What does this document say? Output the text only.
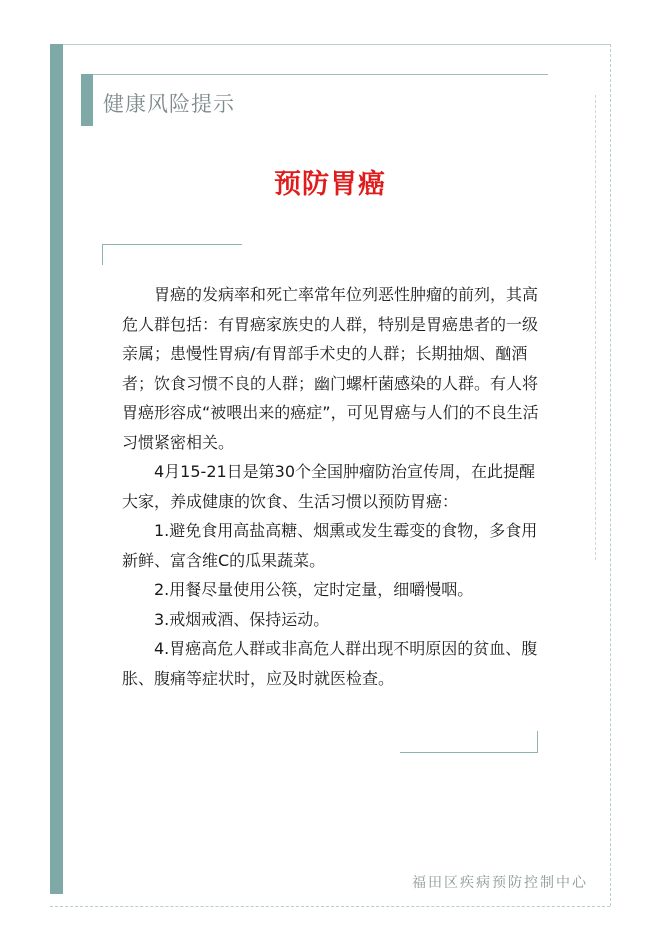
健康风险提示
预防胃癌

胃癌的发病率和死亡率常年位列恶性肿瘤的前列，其高危人群包括：有胃癌家族史的人群，特别是胃癌患者的一级亲属；患慢性胃病/有胃部手术史的人群；长期抽烟、酗酒者；饮食习惯不良的人群；幽门螺杆菌感染的人群。有人将胃癌形容成“被喂出来的癌症”，可见胃癌与人们的不良生活习惯紧密相关。

4月15-21日是第30个全国肿瘤防治宣传周，在此提醒大家，养成健康的饮食、生活习惯以预防胃癌：

1.避免食用高盐高糖、烟熏或发生霉变的食物，多食用新鲜、富含维C的瓜果蔬菜。

2.用餐尽量使用公筷，定时定量，细嚼慢咽。

3.戒烟戒酒、保持运动。

4.胃癌高危人群或非高危人群出现不明原因的贫血、腹胀、腹痛等症状时，应及时就医检查。

福田区疾病预防控制中心
